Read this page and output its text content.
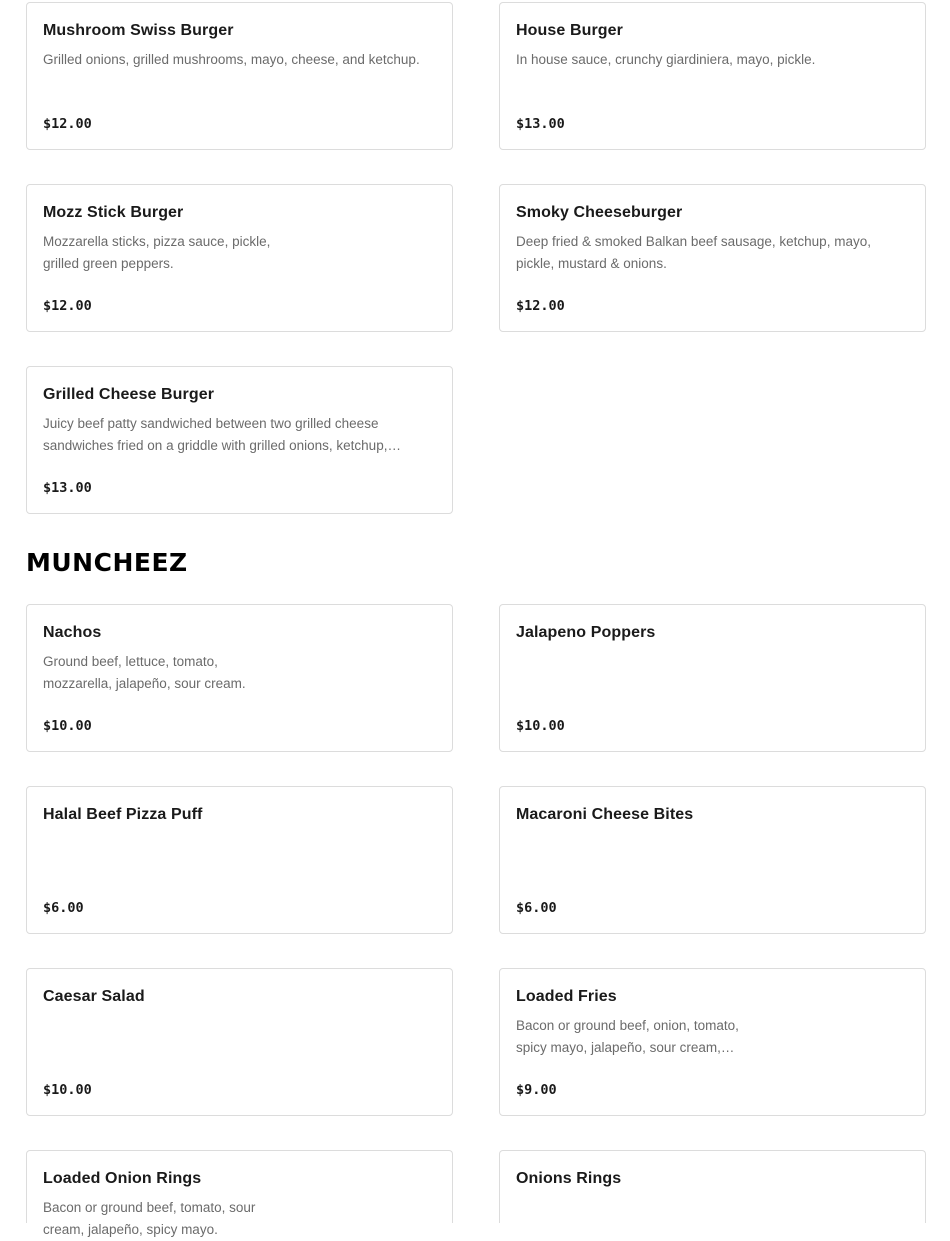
Mushroom Swiss Burger
Grilled onions, grilled mushrooms, mayo, cheese, and ketchup.
$12.00
House Burger
In house sauce, crunchy giardiniera, mayo, pickle.
$13.00
Mozz Stick Burger
Mozzarella sticks, pizza sauce, pickle,
grilled green peppers.
$12.00
Smoky Cheeseburger
Deep fried & smoked Balkan beef sausage, ketchup, mayo,
pickle, mustard & onions.
$12.00
Grilled Cheese Burger
Juicy beef patty sandwiched between two grilled cheese
sandwiches fried on a griddle with grilled onions, ketchup,…
$13.00
MUNCHEEZ
Nachos
Ground beef, lettuce, tomato,
mozzarella, jalapeño, sour cream.
$10.00
Jalapeno Poppers
$10.00
Halal Beef Pizza Puff
$6.00
Macaroni Cheese Bites
$6.00
Caesar Salad
$10.00
Loaded Fries
Bacon or ground beef, onion, tomato,
spicy mayo, jalapeño, sour cream,…
$9.00
Loaded Onion Rings
Bacon or ground beef, tomato, sour
cream, jalapeño, spicy mayo.
Onions Rings
